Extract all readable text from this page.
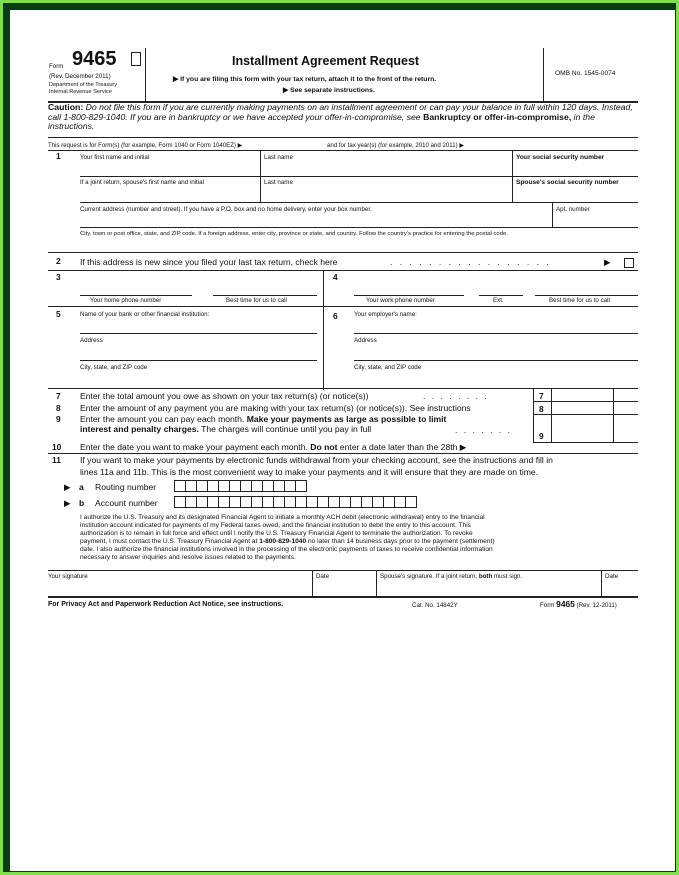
Form 9465
(Rev. December 2011)
Department of the Treasury
Internal Revenue Service
Installment Agreement Request
▶ If you are filing this form with your tax return, attach it to the front of the return.
▶ See separate instructions.
OMB No. 1545-0074
Caution: Do not file this form if you are currently making payments on an installment agreement or can pay your balance in full within 120 days. Instead, call 1-800-829-1040. If you are in bankruptcy or we have accepted your offer-in-compromise, see Bankruptcy or offer-in-compromise, in the instructions.
This request is for Form(s) (for example, Form 1040 or Form 1040EZ) ▶	and for tax year(s) (for example, 2010 and 2011) ▶
1	Your first name and initial	Last name	Your social security number
If a joint return, spouse's first name and initial	Last name	Spouse's social security number
Current address (number and street). If you have a P.O. box and no home delivery, enter your box number.	Apt. number
City, town or post office, state, and ZIP code. If a foreign address, enter city, province or state, and country. Follow the country's practice for entering the postal code.
2 If this address is new since you filed your last tax return, check here	. . . . . . . . . . . . . . . . .	▶
3
Your home phone number	Best time for us to call
4
Your work phone number	Ext.	Best time for us to call
5	Name of your bank or other financial institution:
Address
City, state, and ZIP code
6	Your employer's name:
Address
City, state, and ZIP code
7 Enter the total amount you owe as shown on your tax return(s) (or notice(s))	. . . . . . . .	7
8 Enter the amount of any payment you are making with your tax return(s) (or notice(s)). See instructions	8
9 Enter the amount you can pay each month. Make your payments as large as possible to limit
interest and penalty charges. The charges will continue until you pay in full	. . . . . . .
9
10 Enter the date you want to make your payment each month. Do not enter a date later than the 28th ▶
11 If you want to make your payments by electronic funds withdrawal from your checking account, see the instructions and fill in
lines 11a and 11b. This is the most convenient way to make your payments and it will ensure that they are made on time.
▶ a Routing number
▶ b Account number
I authorize the U.S. Treasury and its designated Financial Agent to initiate a monthly ACH debit (electronic withdrawal) entry to the financial
institution account indicated for payments of my Federal taxes owed, and the financial institution to debit the entry to this account. This
authorization is to remain in full force and effect until I notify the U.S. Treasury Financial Agent to terminate the authorization. To revoke
payment, I must contact the U.S. Treasury Financial Agent at 1-800-829-1040 no later than 14 business days prior to the payment (settlement)
date. I also authorize the financial institutions involved in the processing of the electronic payments of taxes to receive confidential information
necessary to answer inquiries and resolve issues related to the payments.
Your signature	Date	Spouse's signature. If a joint return, both must sign.	Date
For Privacy Act and Paperwork Reduction Act Notice, see instructions.	Cat. No. 14842Y	Form 9465 (Rev. 12-2011)
